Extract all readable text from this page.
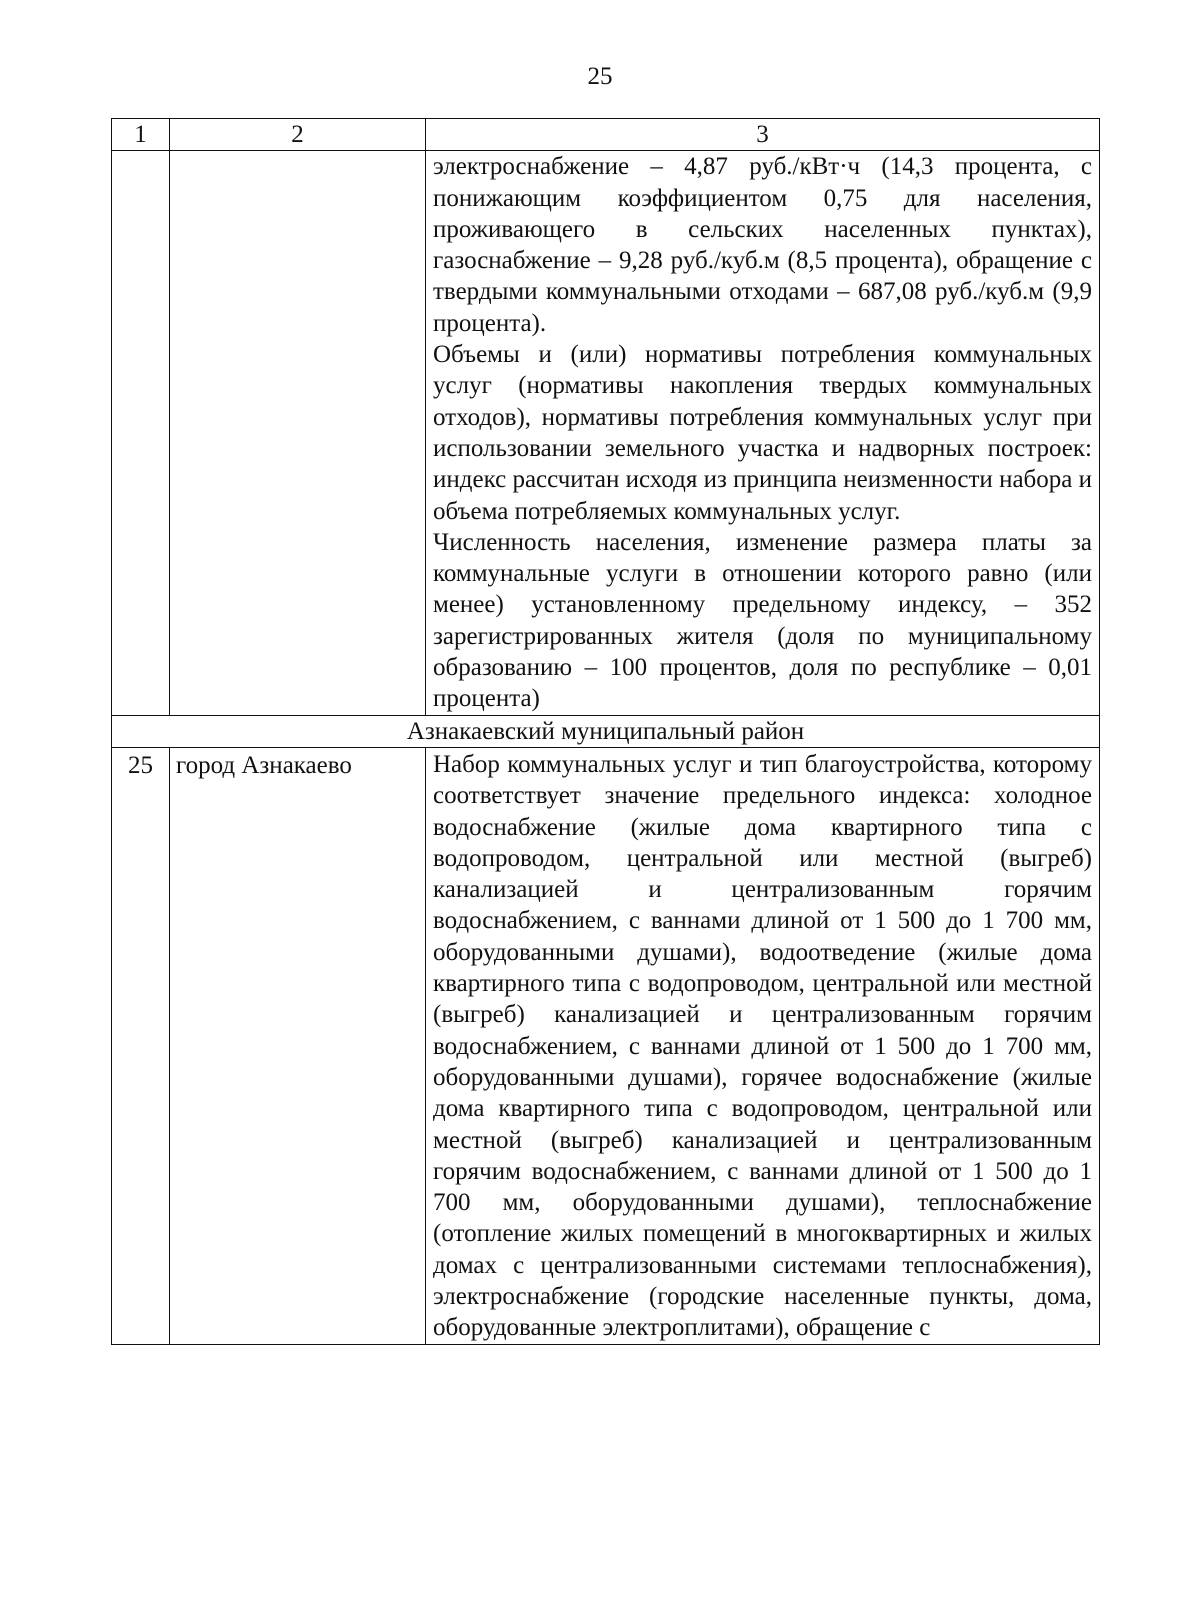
25
1	2	3

		электроснабжение – 4,87 руб./кВт·ч (14,3 процента, с понижающим коэффициентом 0,75 для населения, проживающего в сельских населенных пунктах), газоснабжение – 9,28 руб./куб.м (8,5 процента), обращение с твердыми коммунальными отходами – 687,08 руб./куб.м (9,9 процента).

Объемы и (или) нормативы потребления коммунальных услуг (нормативы накопления твердых коммунальных отходов), нормативы потребления коммунальных услуг при использовании земельного участка и надворных построек: индекс рассчитан исходя из принципа неизменности набора и объема потребляемых коммунальных услуг.

Численность населения, изменение размера платы за коммунальные услуги в отношении которого равно (или менее) установленному предельному индексу, – 352 зарегистрированных жителя (доля по муниципальному образованию – 100 процентов, доля по республике – 0,01 процента)

Азнакаевский муниципальный район		
25	город Азнакаево	Набор коммунальных услуг и тип благоустройства, которому соответствует значение предельного индекса: холодное водоснабжение (жилые дома квартирного типа с водопроводом, центральной или местной (выгреб) канализацией и централизованным горячим водоснабжением, с ваннами длиной от 1 500 до 1 700 мм, оборудованными душами), водоотведение (жилые дома квартирного типа с водопроводом, центральной или местной (выгреб) канализацией и централизованным горячим водоснабжением, с ваннами длиной от 1 500 до 1 700 мм, оборудованными душами), горячее водоснабжение (жилые дома квартирного типа с водопроводом, центральной или местной (выгреб) канализацией и централизованным горячим водоснабжением, с ваннами длиной от 1 500 до 1 700 мм, оборудованными душами), теплоснабжение (отопление жилых помещений в многоквартирных и жилых домах с централизованными системами теплоснабжения), электроснабжение (городские населенные пункты, дома, оборудованные электроплитами), обращение с
